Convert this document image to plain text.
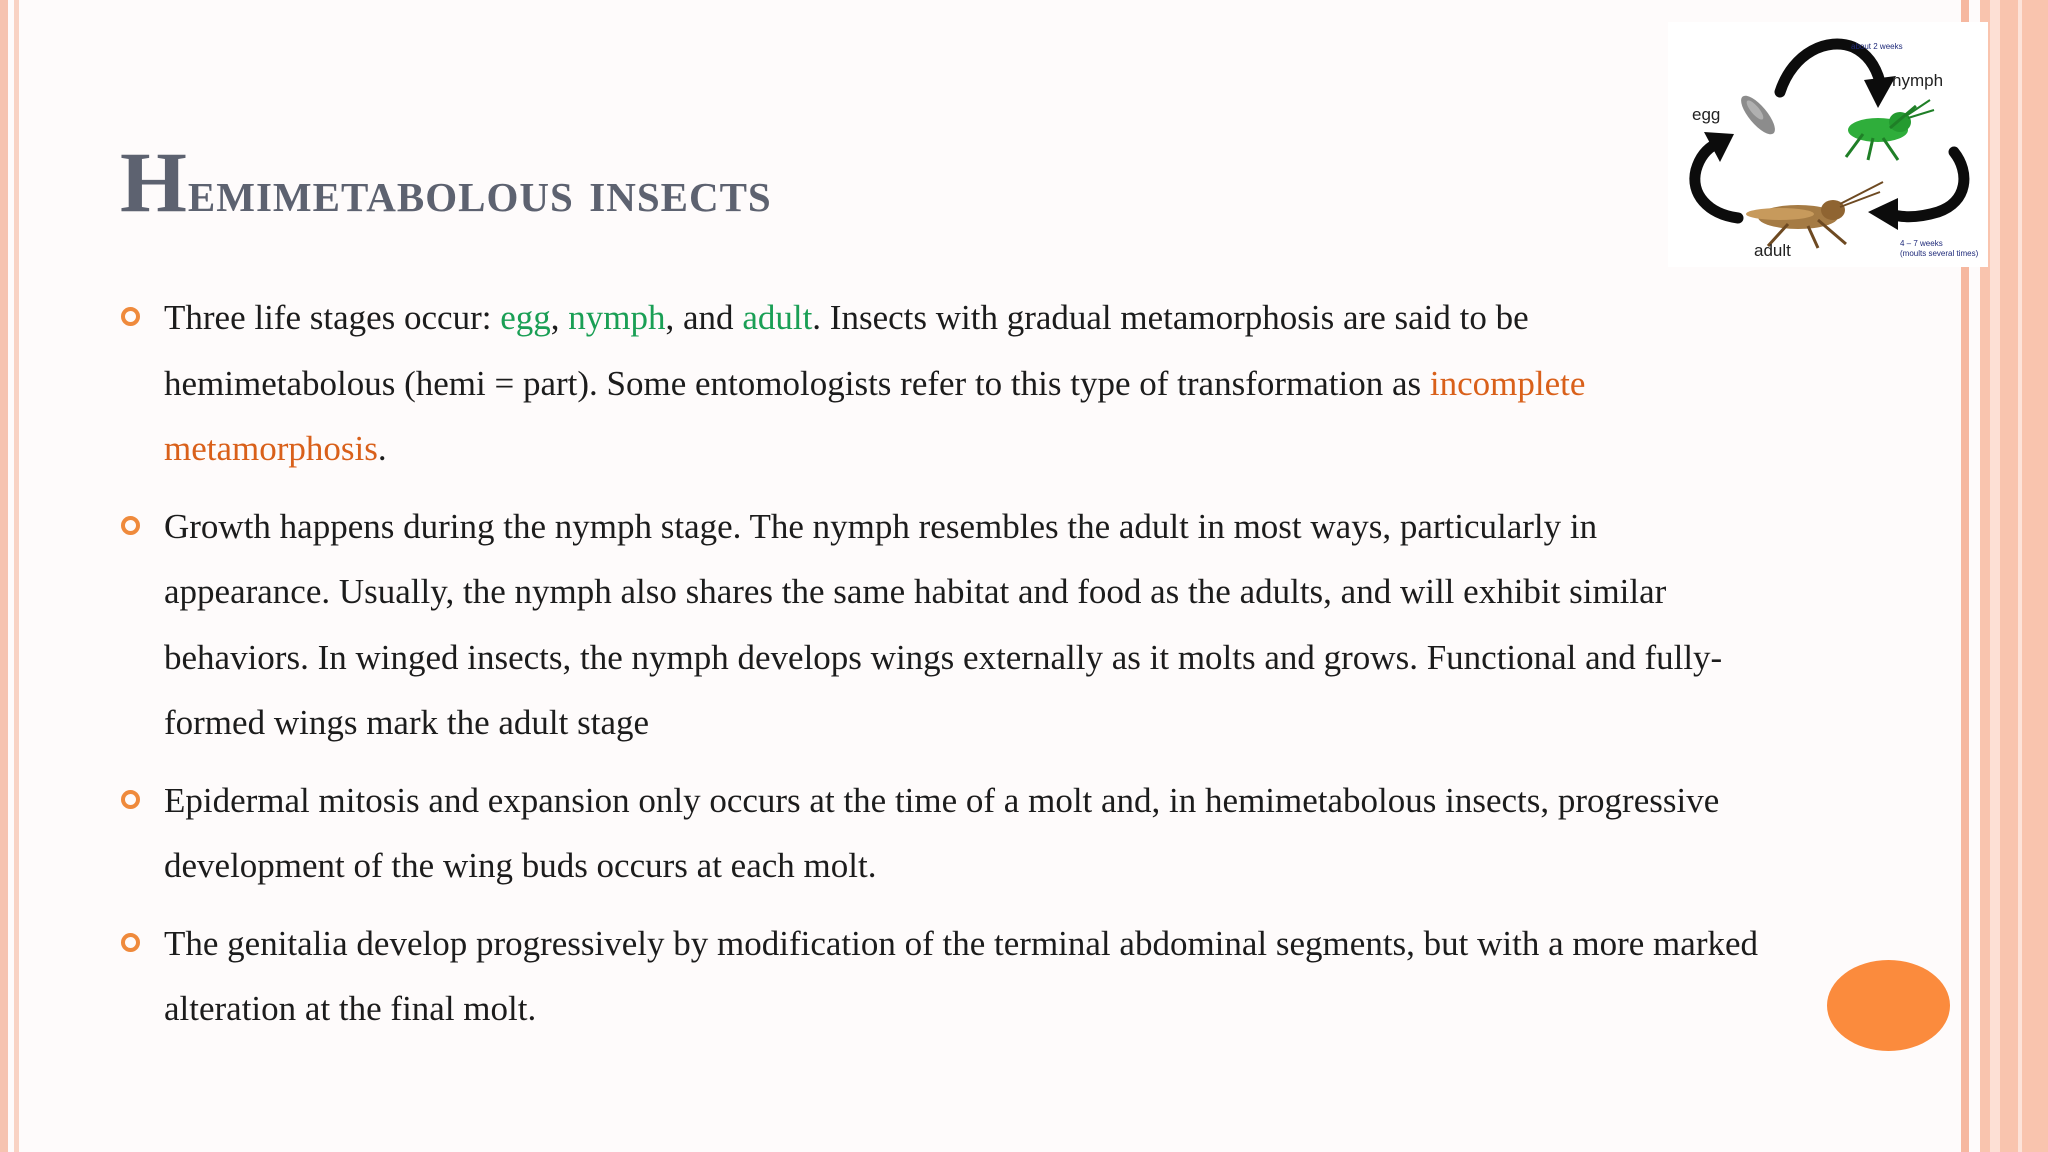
Hemimetabolous insects
Three life stages occur: egg, nymph, and adult. Insects with gradual metamorphosis are said to be hemimetabolous (hemi = part). Some entomologists refer to this type of transformation as incomplete metamorphosis.
Growth happens during the nymph stage. The nymph resembles the adult in most ways, particularly in appearance. Usually, the nymph also shares the same habitat and food as the adults, and will exhibit similar behaviors. In winged insects, the nymph develops wings externally as it molts and grows. Functional and fully-formed wings mark the adult stage
Epidermal mitosis and expansion only occurs at the time of a molt and, in hemimetabolous insects, progressive development of the wing buds occurs at each molt.
The genitalia develop progressively by modification of the terminal abdominal segments, but with a more marked alteration at the final molt.
egg
nymph
adult
about 2 weeks
4 – 7 weeks
(moults several times)
